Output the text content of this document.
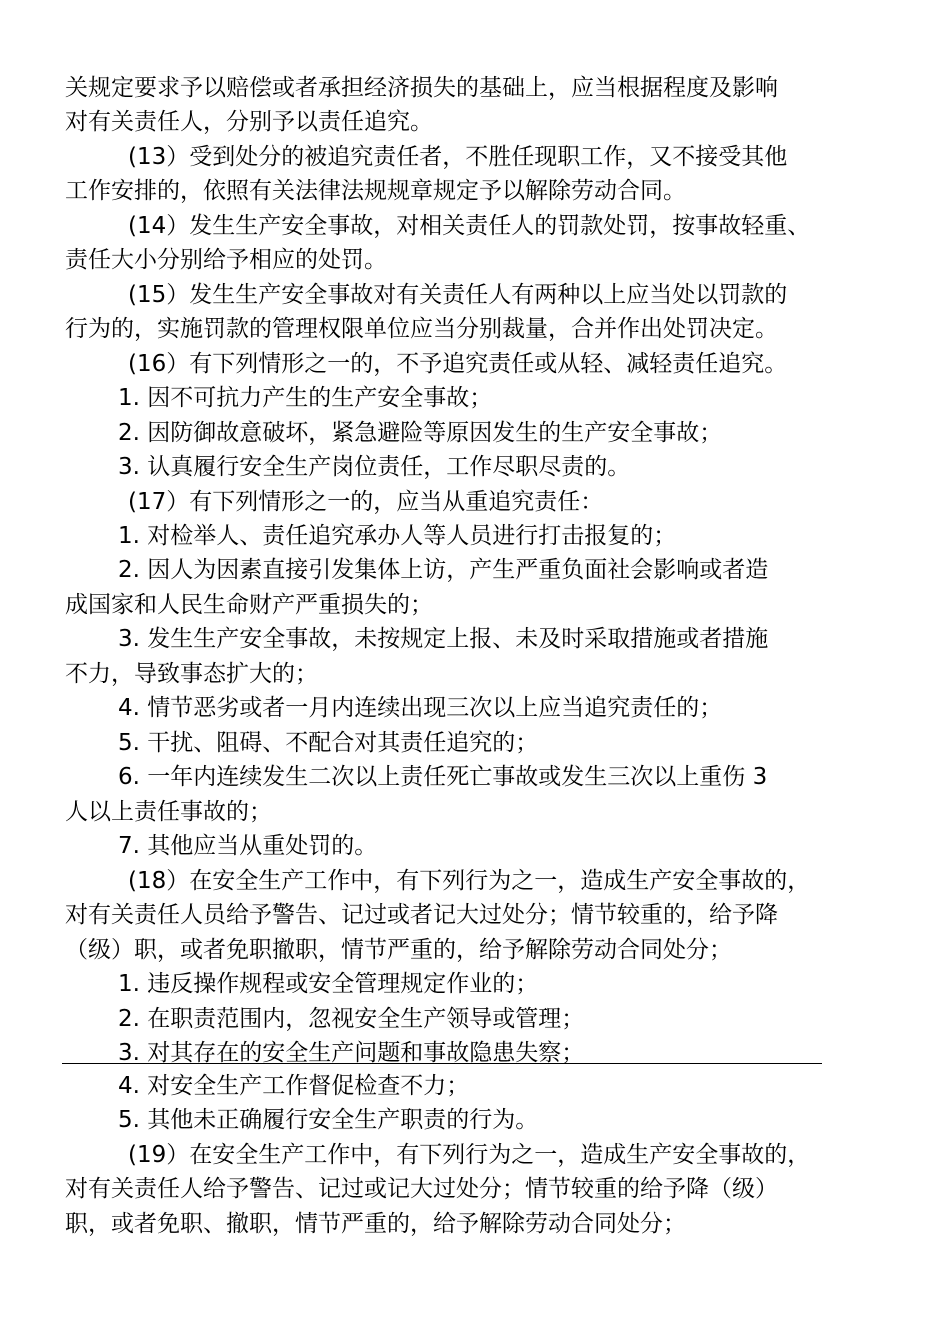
关规定要求予以赔偿或者承担经济损失的基础上，应当根据程度及影响
对有关责任人，分别予以责任追究。
(13）受到处分的被追究责任者，不胜任现职工作，又不接受其他
工作安排的，依照有关法律法规规章规定予以解除劳动合同。
(14）发生生产安全事故，对相关责任人的罚款处罚，按事故轻重、
责任大小分别给予相应的处罚。
(15）发生生产安全事故对有关责任人有两种以上应当处以罚款的
行为的，实施罚款的管理权限单位应当分别裁量，合并作出处罚决定。
(16）有下列情形之一的，不予追究责任或从轻、减轻责任追究。
1. 因不可抗力产生的生产安全事故；
2. 因防御故意破坏，紧急避险等原因发生的生产安全事故；
3. 认真履行安全生产岗位责任，工作尽职尽责的。
(17）有下列情形之一的，应当从重追究责任：
1. 对检举人、责任追究承办人等人员进行打击报复的；
2. 因人为因素直接引发集体上访，产生严重负面社会影响或者造
成国家和人民生命财产严重损失的；
3. 发生生产安全事故，未按规定上报、未及时采取措施或者措施
不力，导致事态扩大的；
4. 情节恶劣或者一月内连续出现三次以上应当追究责任的；
5. 干扰、阻碍、不配合对其责任追究的；
6. 一年内连续发生二次以上责任死亡事故或发生三次以上重伤 3
人以上责任事故的；
7. 其他应当从重处罚的。
(18）在安全生产工作中，有下列行为之一，造成生产安全事故的，
对有关责任人员给予警告、记过或者记大过处分；情节较重的，给予降
（级）职，或者免职撤职，情节严重的，给予解除劳动合同处分；
1. 违反操作规程或安全管理规定作业的；
2. 在职责范围内，忽视安全生产领导或管理；
3. 对其存在的安全生产问题和事故隐患失察；
4. 对安全生产工作督促检查不力；
5. 其他未正确履行安全生产职责的行为。
(19）在安全生产工作中，有下列行为之一，造成生产安全事故的，
对有关责任人给予警告、记过或记大过处分；情节较重的给予降（级）
职，或者免职、撤职，情节严重的，给予解除劳动合同处分；
